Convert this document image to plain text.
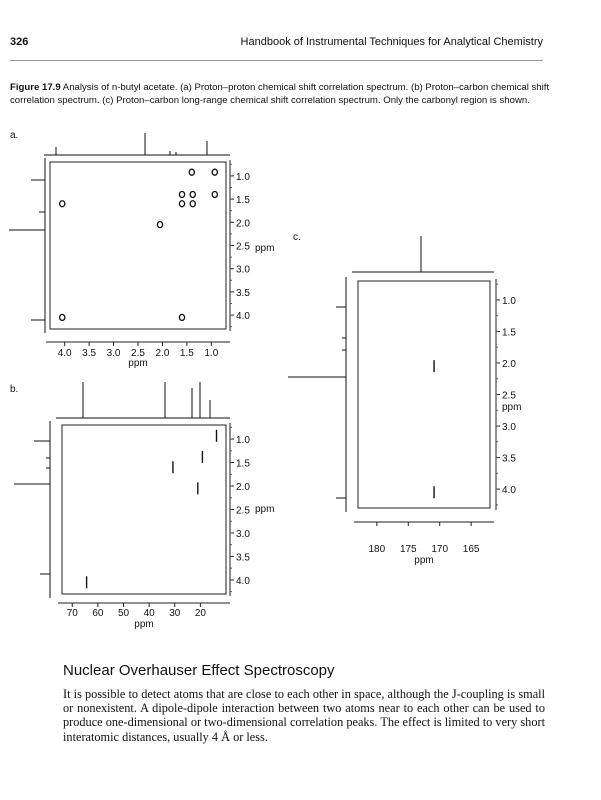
326	Handbook of Instrumental Techniques for Analytical Chemistry
Figure 17.9 Analysis of n-butyl acetate. (a) Proton–proton chemical shift correlation spectrum. (b) Proton–carbon chemical shift correlation spectrum. (c) Proton–carbon long-range chemical shift correlation spectrum. Only the carbonyl region is shown.
a.
b.
c.
1.0
1.5
2.0
2.5
3.0
3.5
4.0
ppm
4.0 3.5 3.0 2.5 2.0 1.5 1.0
ppm
1.0
1.5
2.0
2.5
3.0
3.5
4.0
ppm
70 60 50 40 30 20
ppm
1.0
1.5
2.0
2.5
3.0
3.5
4.0
ppm
180 175 170 165
ppm
Nuclear Overhauser Effect Spectroscopy
It is possible to detect atoms that are close to each other in space, although the J-coupling is small or nonexistent. A dipole-dipole interaction between two atoms near to each other can be used to produce one-dimensional or two-dimensional correlation peaks. The effect is limited to very short interatomic distances, usually 4 Å or less.
